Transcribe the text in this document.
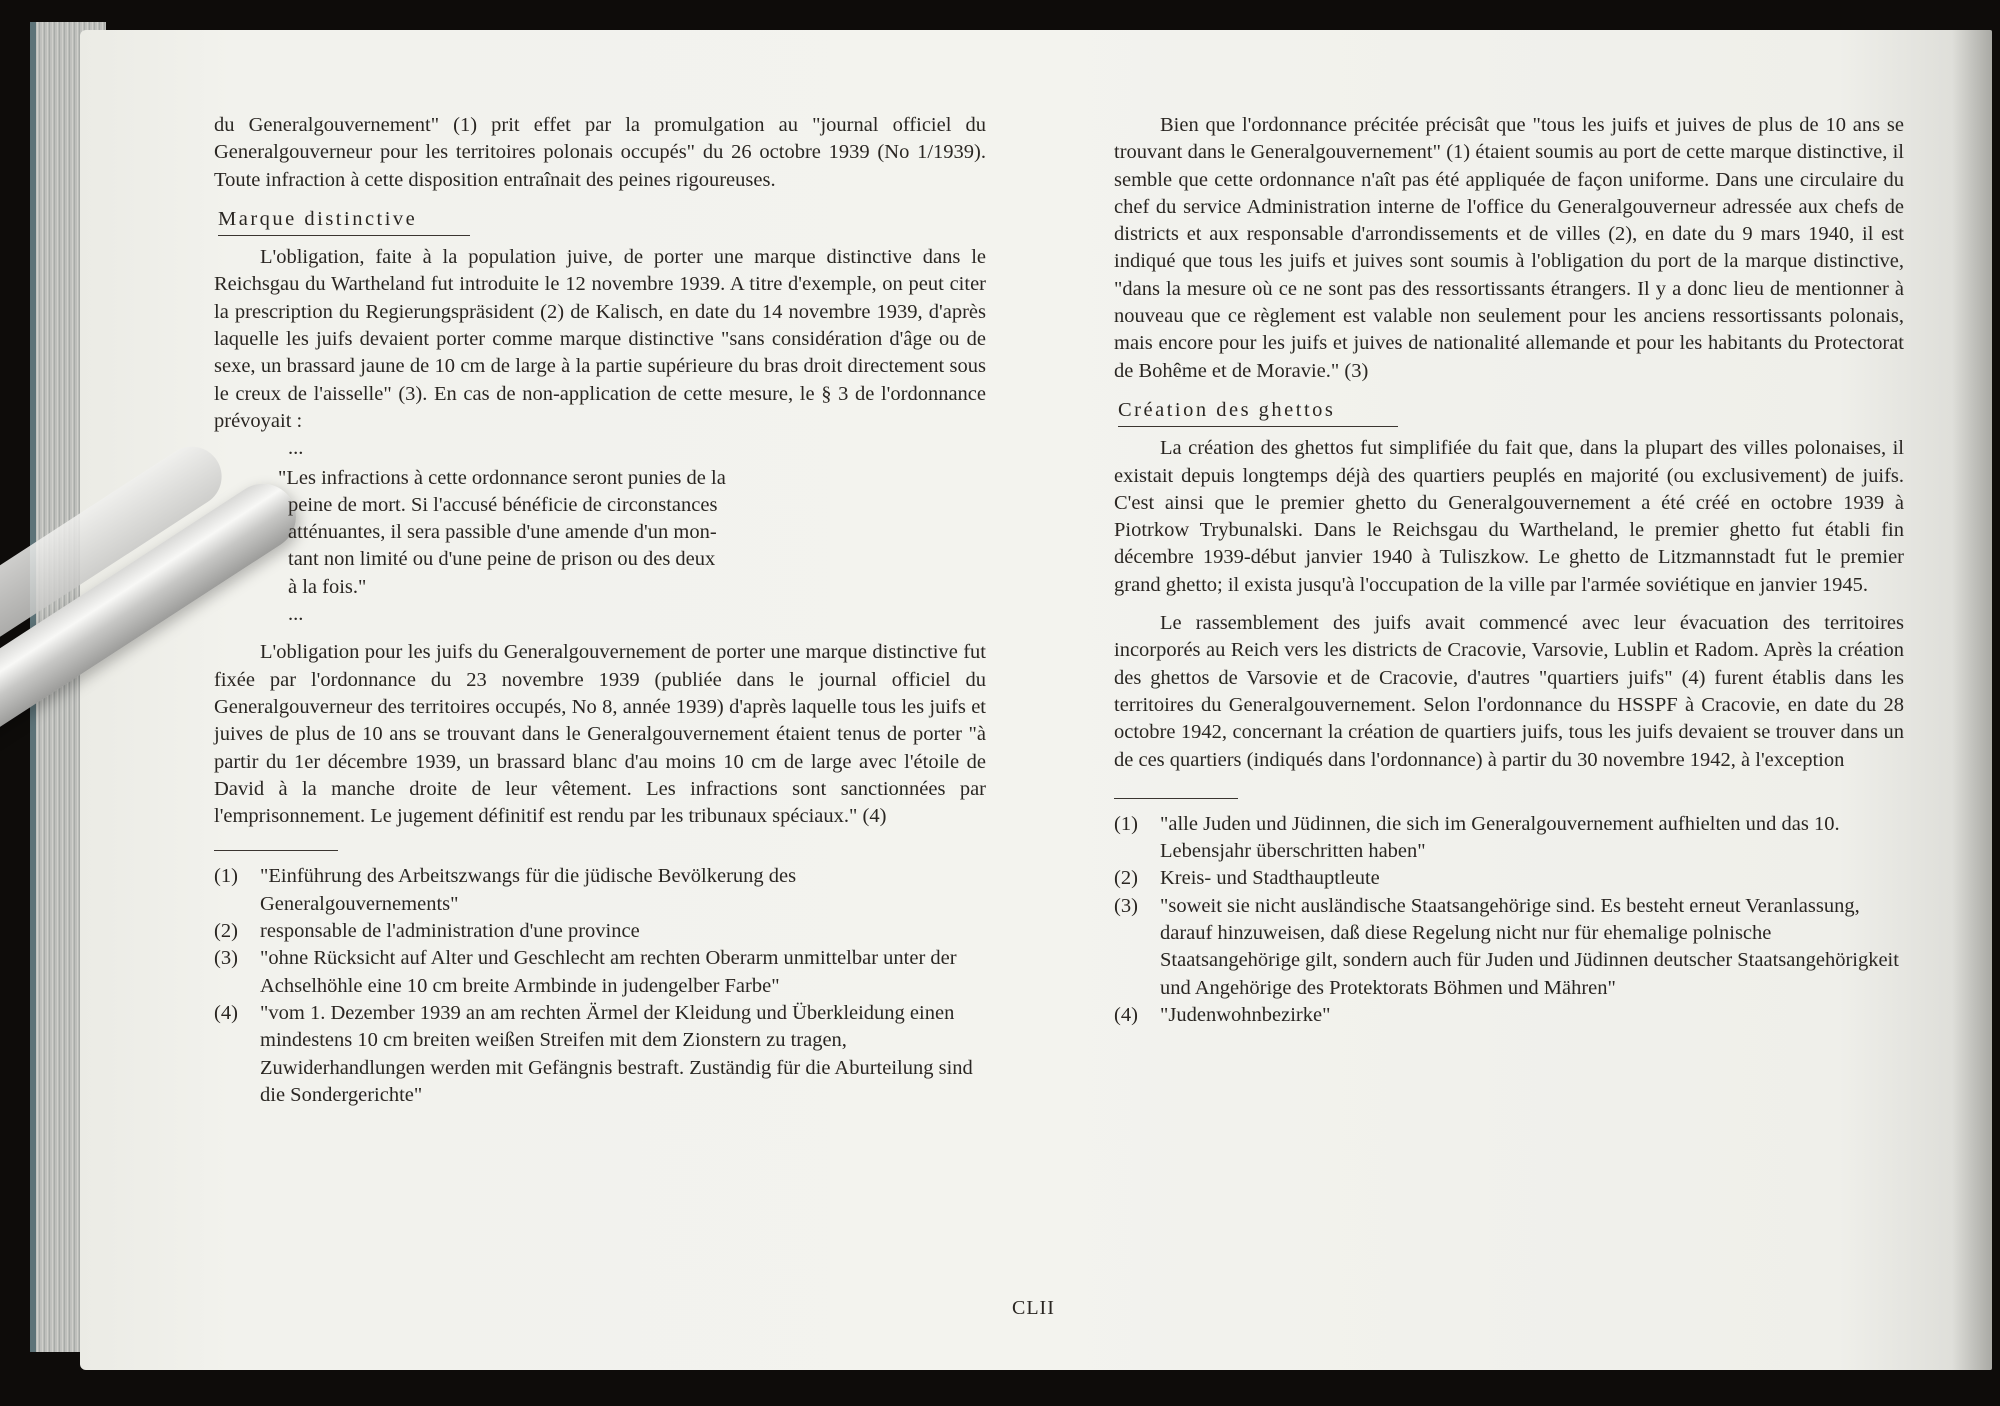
du Generalgouvernement" (1) prit effet par la promulgation au "journal officiel du Generalgouverneur pour les territoires polonais occupés" du 26 octobre 1939 (No 1/1939). Toute infraction à cette disposition entraînait des peines rigoureuses.

Marque distinctive

L'obligation, faite à la population juive, de porter une marque distinctive dans le Reichsgau du Wartheland fut introduite le 12 novembre 1939. A titre d'exemple, on peut citer la prescription du Regierungspräsident (2) de Kalisch, en date du 14 novembre 1939, d'après laquelle les juifs devaient porter comme marque distinctive "sans considération d'âge ou de sexe, un brassard jaune de 10 cm de large à la partie supérieure du bras droit directement sous le creux de l'aisselle" (3). En cas de non-application de cette mesure, le § 3 de l'ordonnance prévoyait :

...
"Les infractions à cette ordonnance seront punies de la
peine de mort. Si l'accusé bénéficie de circonstances
atténuantes, il sera passible d'une amende d'un mon-
tant non limité ou d'une peine de prison ou des deux
à la fois."
...

L'obligation pour les juifs du Generalgouvernement de porter une marque distinctive fut fixée par l'ordonnance du 23 novembre 1939 (publiée dans le journal officiel du Generalgouverneur des territoires occupés, No 8, année 1939) d'après laquelle tous les juifs et juives de plus de 10 ans se trouvant dans le Generalgouvernement étaient tenus de porter "à partir du 1er décembre 1939, un brassard blanc d'au moins 10 cm de large avec l'étoile de David à la manche droite de leur vêtement. Les infractions sont sanctionnées par l'emprisonnement. Le jugement définitif est rendu par les tribunaux spéciaux." (4)

(1)	"Einführung des Arbeitszwangs für die jüdische Bevölkerung des Generalgouvernements"
(2)	responsable de l'administration d'une province
(3)	"ohne Rücksicht auf Alter und Geschlecht am rechten Oberarm unmittelbar unter der Achselhöhle eine 10 cm breite Armbinde in judengelber Farbe"
(4)	"vom 1. Dezember 1939 an am rechten Ärmel der Kleidung und Überkleidung einen mindestens 10 cm breiten weißen Streifen mit dem Zionstern zu tragen, Zuwiderhandlungen werden mit Gefängnis bestraft. Zuständig für die Aburteilung sind die Sondergerichte"

Bien que l'ordonnance précitée précisât que "tous les juifs et juives de plus de 10 ans se trouvant dans le Generalgouvernement" (1) étaient soumis au port de cette marque distinctive, il semble que cette ordonnance n'aît pas été appliquée de façon uniforme. Dans une circulaire du chef du service Administration interne de l'office du Generalgouverneur adressée aux chefs de districts et aux responsable d'arrondissements et de villes (2), en date du 9 mars 1940, il est indiqué que tous les juifs et juives sont soumis à l'obligation du port de la marque distinctive, "dans la mesure où ce ne sont pas des ressortissants étrangers. Il y a donc lieu de mentionner à nouveau que ce règlement est valable non seulement pour les anciens ressortissants polonais, mais encore pour les juifs et juives de nationalité allemande et pour les habitants du Protectorat de Bohême et de Moravie." (3)

Création des ghettos

La création des ghettos fut simplifiée du fait que, dans la plupart des villes polonaises, il existait depuis longtemps déjà des quartiers peuplés en majorité (ou exclusivement) de juifs. C'est ainsi que le premier ghetto du Generalgouvernement a été créé en octobre 1939 à Piotrkow Trybunalski. Dans le Reichsgau du Wartheland, le premier ghetto fut établi fin décembre 1939-début janvier 1940 à Tuliszkow. Le ghetto de Litzmannstadt fut le premier grand ghetto; il exista jusqu'à l'occupation de la ville par l'armée soviétique en janvier 1945.

Le rassemblement des juifs avait commencé avec leur évacuation des territoires incorporés au Reich vers les districts de Cracovie, Varsovie, Lublin et Radom. Après la création des ghettos de Varsovie et de Cracovie, d'autres "quartiers juifs" (4) furent établis dans les territoires du Generalgouvernement. Selon l'ordonnance du HSSPF à Cracovie, en date du 28 octobre 1942, concernant la création de quartiers juifs, tous les juifs devaient se trouver dans un de ces quartiers (indiqués dans l'ordonnance) à partir du 30 novembre 1942, à l'exception

(1)	"alle Juden und Jüdinnen, die sich im Generalgouvernement aufhielten und das 10. Lebensjahr überschritten haben"
(2)	Kreis- und Stadthauptleute
(3)	"soweit sie nicht ausländische Staatsangehörige sind. Es besteht erneut Veranlassung, darauf hinzuweisen, daß diese Regelung nicht nur für ehemalige polnische Staatsangehörige gilt, sondern auch für Juden und Jüdinnen deutscher Staatsangehörigkeit und Angehörige des Protektorats Böhmen und Mähren"
(4)	"Judenwohnbezirke"
CLII
